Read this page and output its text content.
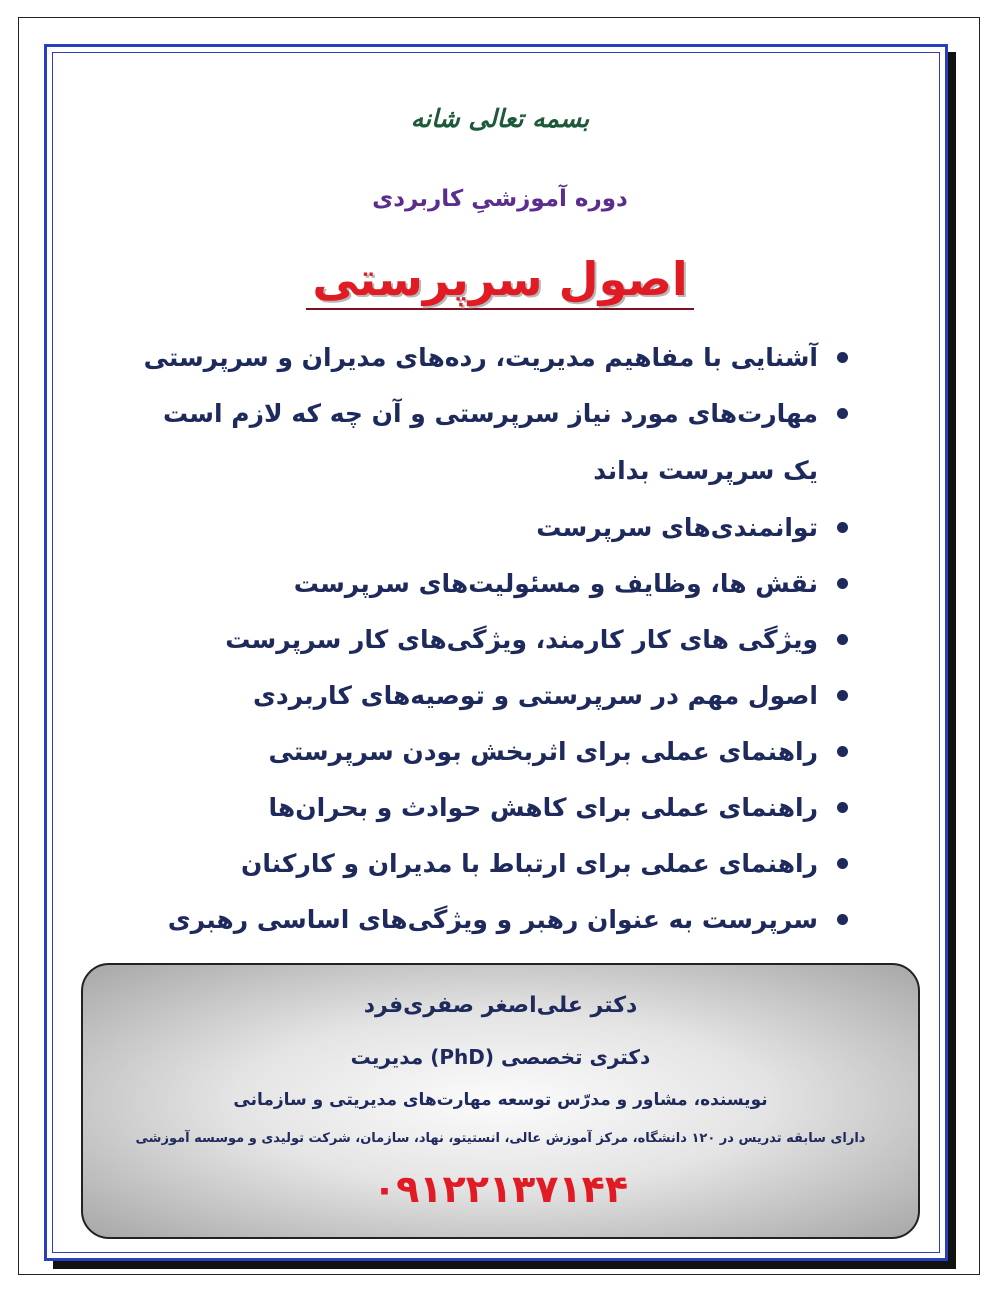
بسمه تعالی شانه
دوره آموزشیِ کاربردی
اصول سرپرستی
آشنایی با مفاهیم مدیریت، رده‌های مدیران و سرپرستی
مهارت‌های مورد نیاز سرپرستی و آن چه که لازم است
یک سرپرست بداند
توانمندی‌های سرپرست
نقش ها، وظایف و مسئولیت‌های سرپرست
ویژگی های کار کارمند، ویژگی‌های کار سرپرست
اصول مهم در سرپرستی و توصیه‌های کاربردی
راهنمای عملی برای اثربخش بودن سرپرستی
راهنمای عملی برای کاهش حوادث و بحران‌ها
راهنمای عملی برای ارتباط با مدیران و کارکنان
سرپرست به عنوان رهبر و ویژگی‌های اساسی رهبری
دکتر علی‌اصغر صفری‌فرد
دکتری تخصصی (PhD) مدیریت
نویسنده، مشاور و مدرّس توسعه مهارت‌های مدیریتی و سازمانی
دارای سابقه تدریس در ۱۲۰ دانشگاه، مرکز آموزش عالی، انستیتو، نهاد، سازمان، شرکت تولیدی و موسسه آموزشی
۰۹۱۲۲۱۳۷۱۴۴
